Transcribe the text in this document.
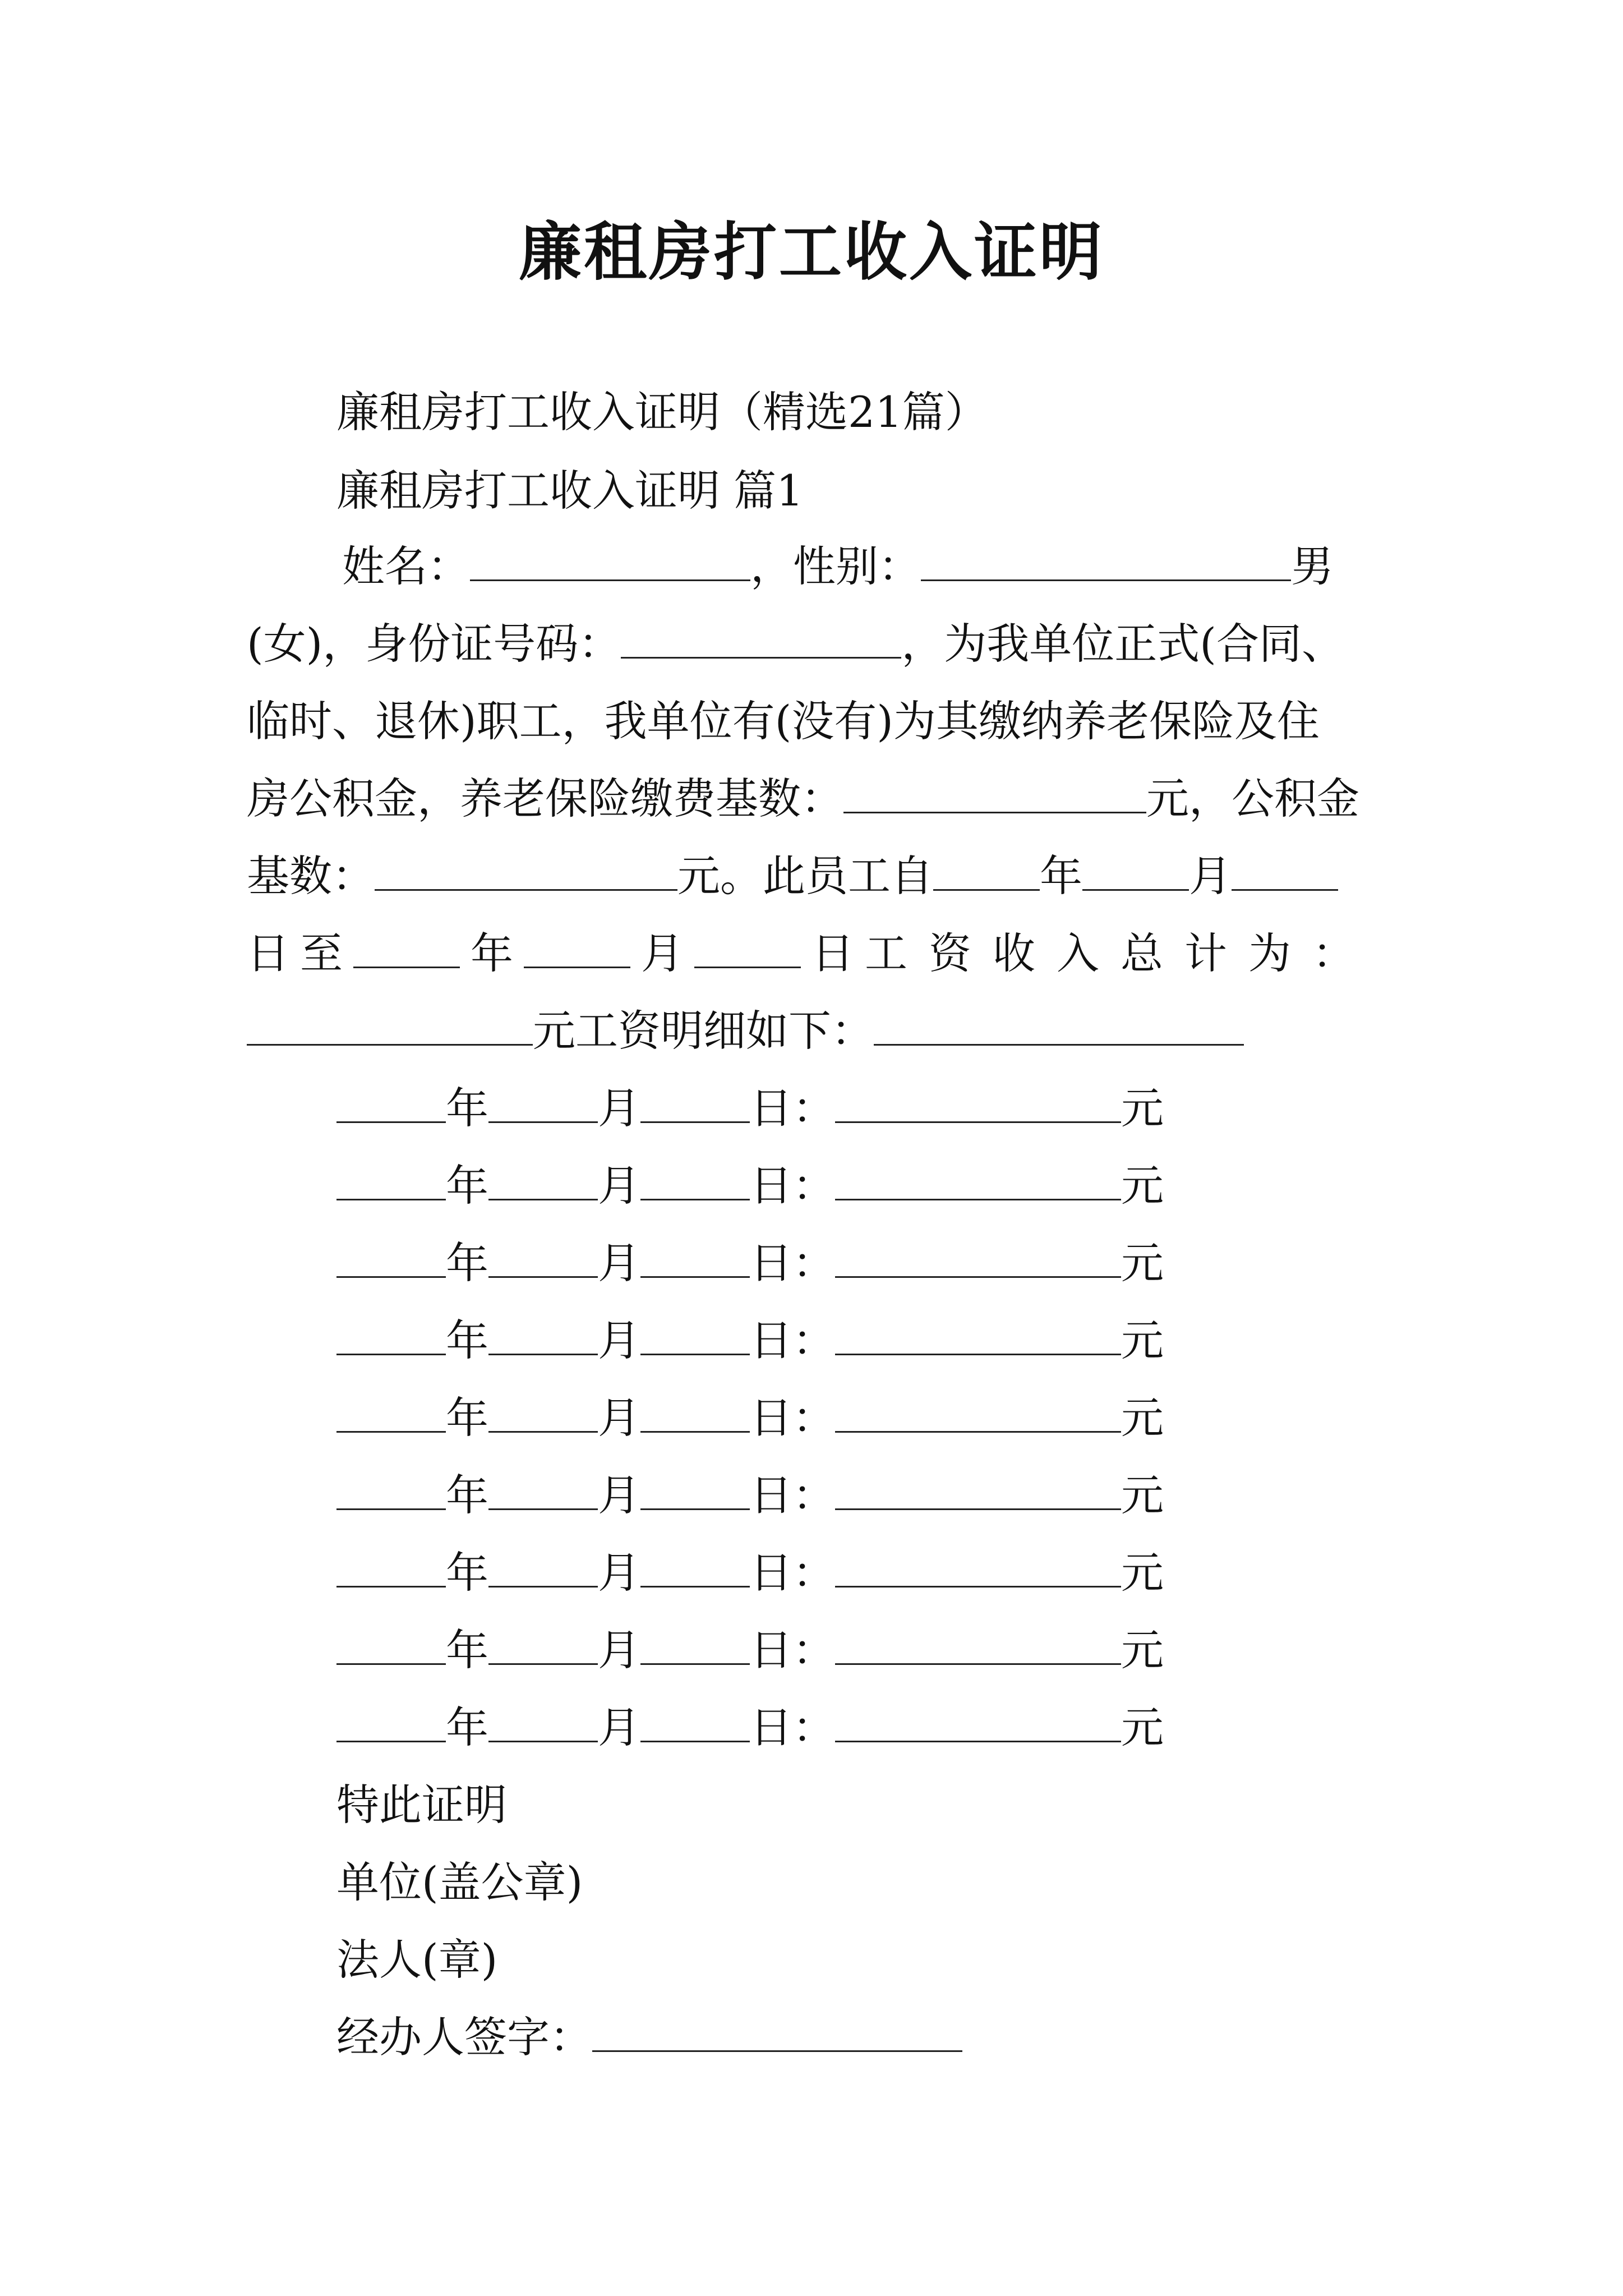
廉租房打工收入证明
廉租房打工收入证明（精选21篇）
廉租房打工收入证明 篇1
姓名：	，性别：	男
(女)，身份证号码：	，为我单位正式(合同、
临时、退休)职工，我单位有(没有)为其缴纳养老保险及住
房公积金，养老保险缴费基数：	元，公积金
基数：	元。此员工自	年	月
日 至	年	月	日 工资收入总计为：
元工资明细如下：
年	月	日：	元
年	月	日：	元
年	月	日：	元
年	月	日：	元
年	月	日：	元
年	月	日：	元
年	月	日：	元
年	月	日：	元
年	月	日：	元
特此证明
单位(盖公章)
法人(章)
经办人签字：
